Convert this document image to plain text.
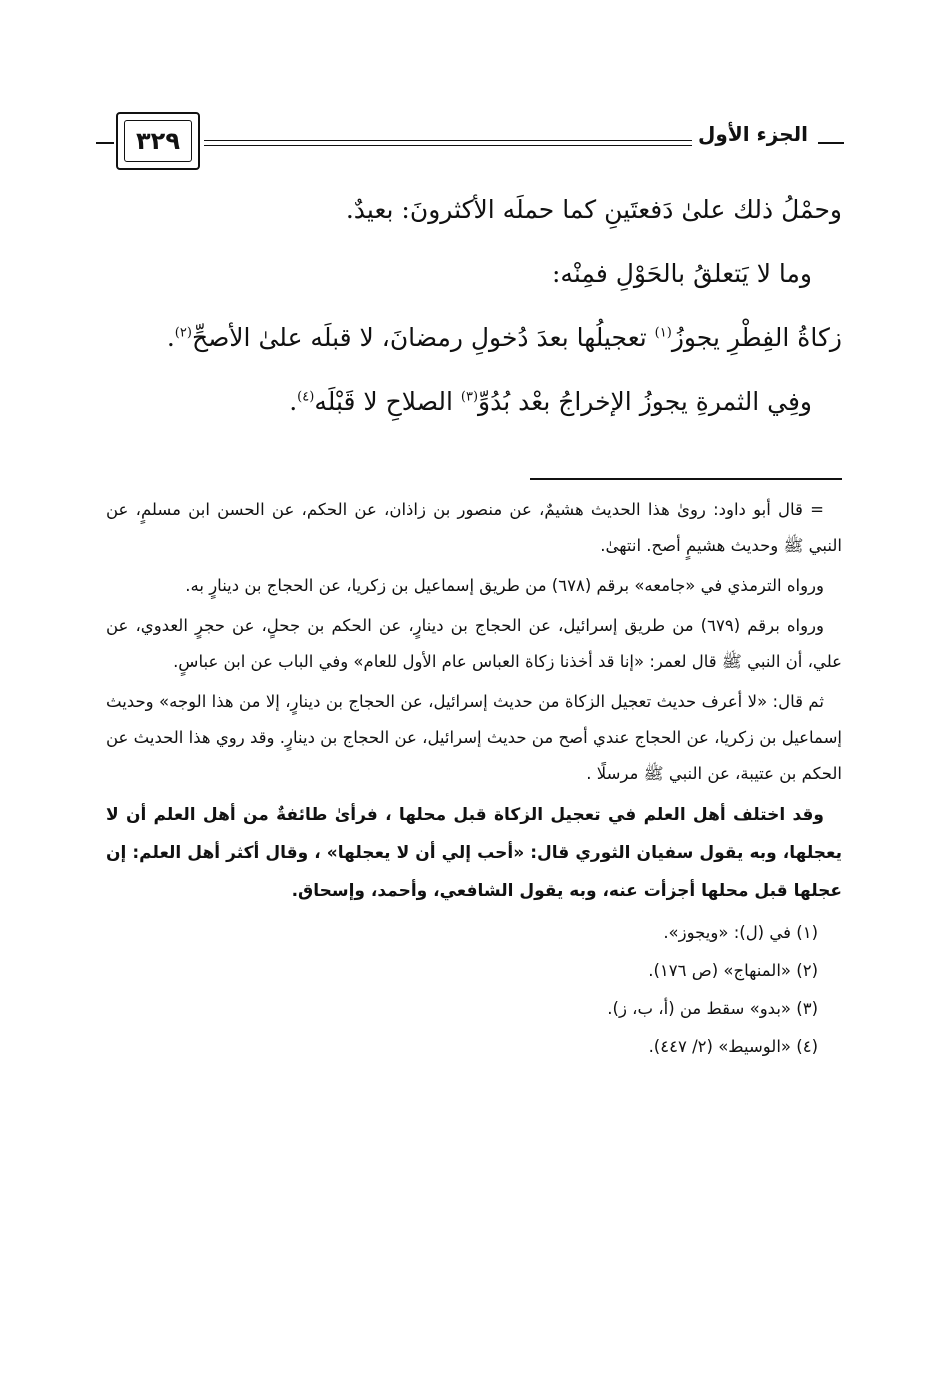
٣٢٩	الجزء الأول

وحمْلُ ذلك علىٰ دَفعتَينِ كما حملَه الأكثرونَ: بعيدٌ.

وما لا يَتعلقُ بالحَوْلِ فمِنْه:

زكاةُ الفِطْرِ يجوزُ$^{(١)}$ تعجيلُها بعدَ دُخولِ رمضانَ، لا قبلَه علىٰ الأصحِّ$^{(٢)}$.

وفِي الثمرةِ يجوزُ الإخراجُ بعْد بُدُوِّ$^{(٣)}$ الصلاحِ لا قَبْلَه$^{(٤)}$.

= قال أبو داود: روىٰ هذا الحديث هشيمٌ، عن منصور بن زاذان، عن الحكم، عن الحسن ابن مسلمٍ، عن النبي ﷺ وحديث هشيمٍ أصح. انتهىٰ.

ورواه الترمذي في «جامعه» برقم (٦٧٨) من طريق إسماعيل بن زكريا، عن الحجاج بن دينارٍ به.

ورواه برقم (٦٧٩) من طريق إسرائيل، عن الحجاج بن دينارٍ، عن الحكم بن جحلٍ، عن حجرٍ العدوي، عن علي، أن النبي ﷺ قال لعمر: «إنا قد أخذنا زكاة العباس عام الأول للعام» وفي الباب عن ابن عباسٍ.

ثم قال: «لا أعرف حديث تعجيل الزكاة من حديث إسرائيل، عن الحجاج بن دينارٍ، إلا من هذا الوجه» وحديث إسماعيل بن زكريا، عن الحجاج عندي أصح من حديث إسرائيل، عن الحجاج بن دينارٍ. وقد روي هذا الحديث عن الحكم بن عتيبة، عن النبي ﷺ مرسلًا .

وقد اختلف أهل العلم في تعجيل الزكاة قبل محلها ، فرأىٰ طائفةٌ من أهل العلم أن لا يعجلها، وبه يقول سفيان الثوري قال: «أحب إلي أن لا يعجلها» ، وقال أكثر أهل العلم: إن عجلها قبل محلها أجزأت عنه، وبه يقول الشافعي، وأحمد، وإسحاق.

(١) في (ل): «ويجوز».

(٢) «المنهاج» (ص ١٧٦).

(٣) «بدو» سقط من (أ، ب، ز).

(٤) «الوسيط» (٢/ ٤٤٧).
